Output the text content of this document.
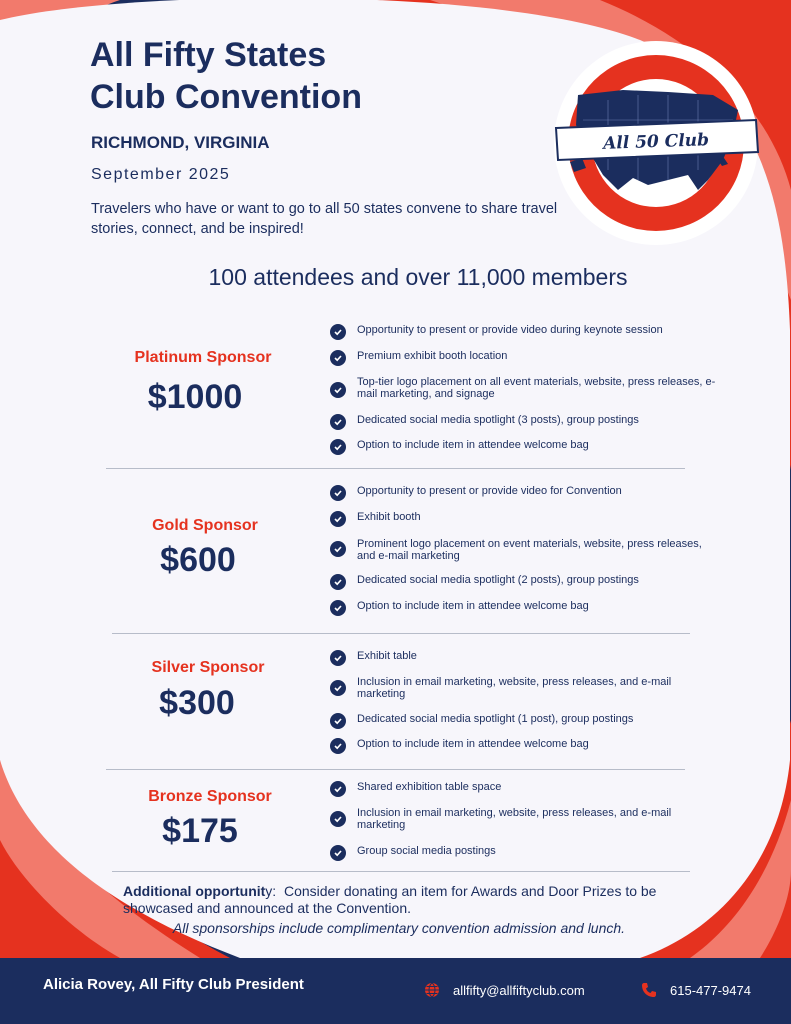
All Fifty States
Club Convention
RICHMOND, VIRGINIA
September 2025
Travelers who have or want to go to all 50 states convene to share travel stories, connect, and be inspired!
100 attendees and over 11,000 members
All 50 Club
Platinum Sponsor
$1000
Opportunity to present or provide video during keynote session
Premium exhibit booth location
Top-tier logo placement on all event materials, website, press releases, e-mail marketing, and signage
Dedicated social media spotlight (3 posts), group postings
Option to include item in attendee welcome bag
Gold Sponsor
$600
Opportunity to present or provide video for Convention
Exhibit booth
Prominent logo placement on event materials, website, press releases, and e-mail marketing
Dedicated social media spotlight (2 posts), group postings
Option to include item in attendee welcome bag
Silver Sponsor
$300
Exhibit table
Inclusion in email marketing, website, press releases, and e-mail marketing
Dedicated social media spotlight (1 post), group postings
Option to include item in attendee welcome bag
Bronze Sponsor
$175
Shared exhibition table space
Inclusion in email marketing, website, press releases, and e-mail marketing
Group social media postings
Additional opportunity: Consider donating an item for Awards and Door Prizes to be showcased and announced at the Convention.
All sponsorships include complimentary convention admission and lunch.
Alicia Rovey, All Fifty Club President	allfifty@allfiftyclub.com	615-477-9474
